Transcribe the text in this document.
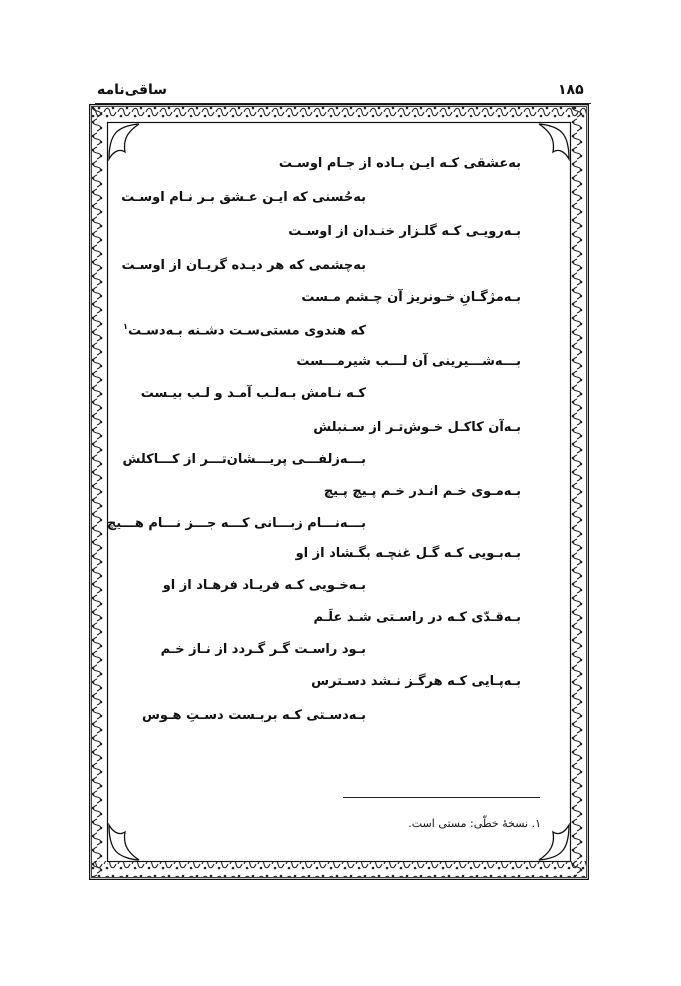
ساقی‌نامه	۱۸۵
به‌عشقی کـه ایـن بـاده از جـام اوسـت
به‌حُسنی که ایـن عـشق بـر نـام اوسـت
بـه‌رویـی کـه گلـزار خنـدان از اوسـت
به‌چشمی که هر دیـده گریـان از اوسـت
بـه‌مژگـانِ خـونریز آن چـشم مـست
که هندوی مستی‌سـت دشـنه بـه‌دسـت$^۱$
بـــه‌شـــیرینی آن لـــب شیرمـــست
کـه نـامش بـه‌لـب آمـد و لـب بیـست
بـه‌آن کاکـل خـوش‌تـر از سـنبلش
بـــه‌زلفـــی پریـــشان‌تـــر از کـــاکلش
بـه‌مـوی خـم انـدر خـم پـیچ پـیچ
بـــه‌نـــام زبـــانی کـــه جـــز نـــام هـــیچ
بـه‌بـویی کـه گـل غنچـه بگـشاد از او
بـه‌خـویی کـه فریـاد فرهـاد از او
بـه‌قـدّی کـه در راسـتی شـد علَـم
بـود راسـت گـر گـردد از نـاز خـم
بـه‌پـایی کـه هرگـز نـشد دسـترس
بـه‌دسـتی کـه بربـست دسـتِ هـوس
۱. نسخهٔ خطّی: مستی است.
